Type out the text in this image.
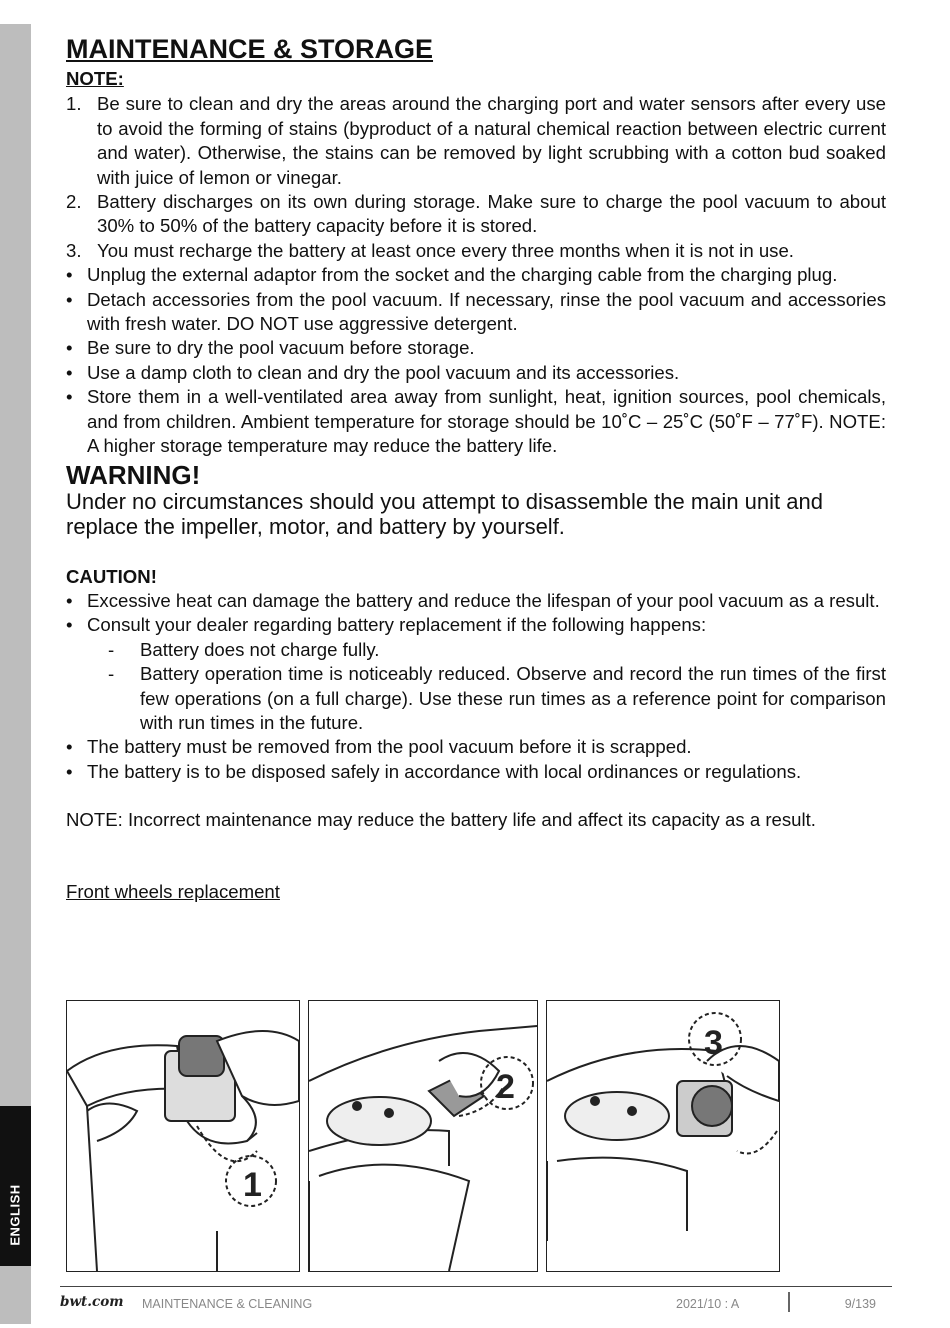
ENGLISH
MAINTENANCE & STORAGE
NOTE:
1. Be sure to clean and dry the areas around the charging port and water sensors after every use to avoid the forming of stains (byproduct of a natural chemical reaction between electric current and water). Otherwise, the stains can be removed by light scrubbing with a cotton bud soaked with juice of lemon or vinegar.
2. Battery discharges on its own during storage. Make sure to charge the pool vacuum to about 30% to 50% of the battery capacity before it is stored.
3. You must recharge the battery at least once every three months when it is not in use.
• Unplug the external adaptor from the socket and the charging cable from the charging plug.
• Detach accessories from the pool vacuum. If necessary, rinse the pool vacuum and accessories with fresh water. DO NOT use aggressive detergent.
• Be sure to dry the pool vacuum before storage.
• Use a damp cloth to clean and dry the pool vacuum and its accessories.
• Store them in a well-ventilated area away from sunlight, heat, ignition sources, pool chemicals, and from children. Ambient temperature for storage should be 10˚C – 25˚C (50˚F – 77˚F). NOTE: A higher storage temperature may reduce the battery life.
WARNING!
Under no circumstances should you attempt to disassemble the main unit and replace the impeller, motor, and battery by yourself.
CAUTION!
• Excessive heat can damage the battery and reduce the lifespan of your pool vacuum as a result.
• Consult your dealer regarding battery replacement if the following happens:
- Battery does not charge fully.
- Battery operation time is noticeably reduced. Observe and record the run times of the first few operations (on a full charge). Use these run times as a reference point for comparison with run times in the future.
• The battery must be removed from the pool vacuum before it is scrapped.
• The battery is to be disposed safely in accordance with local ordinances or regulations.
NOTE: Incorrect maintenance may reduce the battery life and affect its capacity as a result.
Front wheels replacement
1
2
3
bwt.com MAINTENANCE & CLEANING	2021/10 : A	9/139
